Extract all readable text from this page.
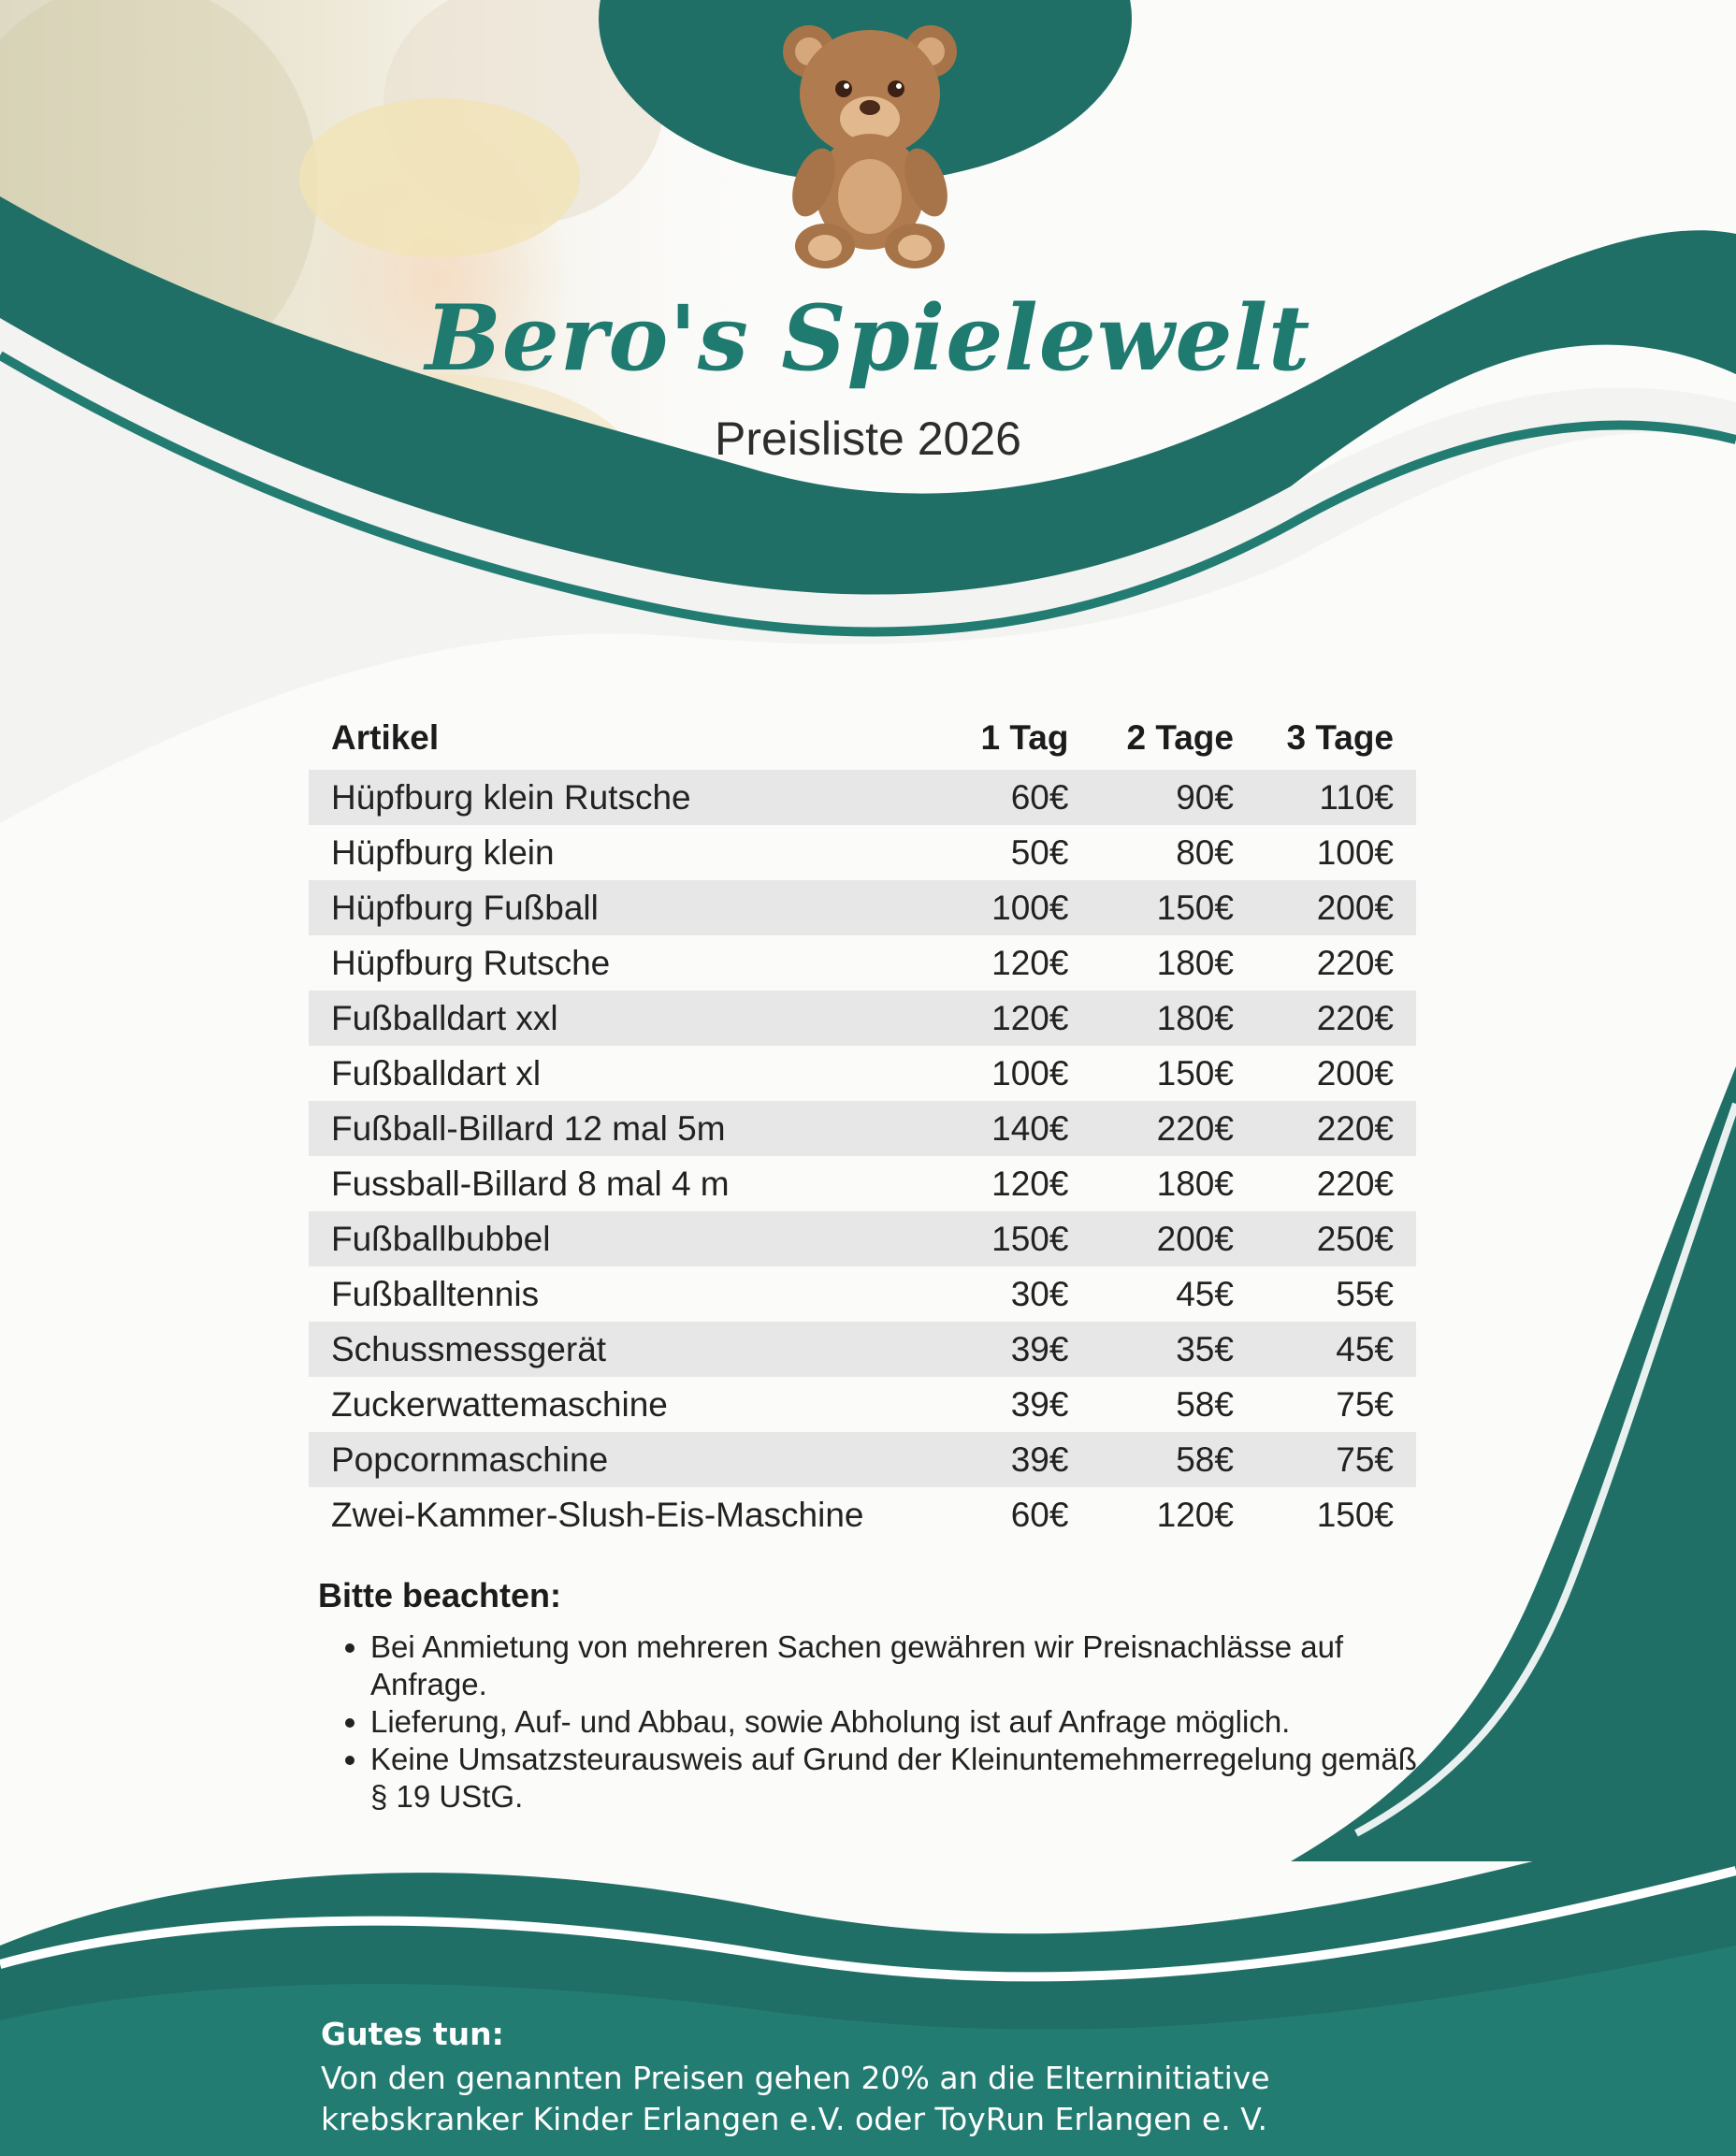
Bero's Spielewelt
Preisliste 2026
Artikel	1 Tag	2 Tage	3 Tage
Hüpfburg klein Rutsche	60€	90€	110€
Hüpfburg klein	50€	80€	100€
Hüpfburg Fußball	100€	150€	200€
Hüpfburg Rutsche	120€	180€	220€
Fußballdart xxl	120€	180€	220€
Fußballdart xl	100€	150€	200€
Fußball-Billard 12 mal 5m	140€	220€	220€
Fussball-Billard 8 mal 4 m	120€	180€	220€
Fußballbubbel	150€	200€	250€
Fußballtennis	30€	45€	55€
Schussmessgerät	39€	35€	45€
Zuckerwattemaschine	39€	58€	75€
Popcornmaschine	39€	58€	75€
Zwei-Kammer-Slush-Eis-Maschine	60€	120€	150€
Bitte beachten:
• Bei Anmietung von mehreren Sachen gewähren wir Preisnachlässe auf Anfrage.
• Lieferung, Auf- und Abbau, sowie Abholung ist auf Anfrage möglich.
• Keine Umsatzsteurausweis auf Grund der Kleinuntemehmerregelung gemäß § 19 UStG.
Gutes tun:
Von den genannten Preisen gehen 20% an die Elterninitiative krebskranker Kinder Erlangen e.V. oder ToyRun Erlangen e. V.
